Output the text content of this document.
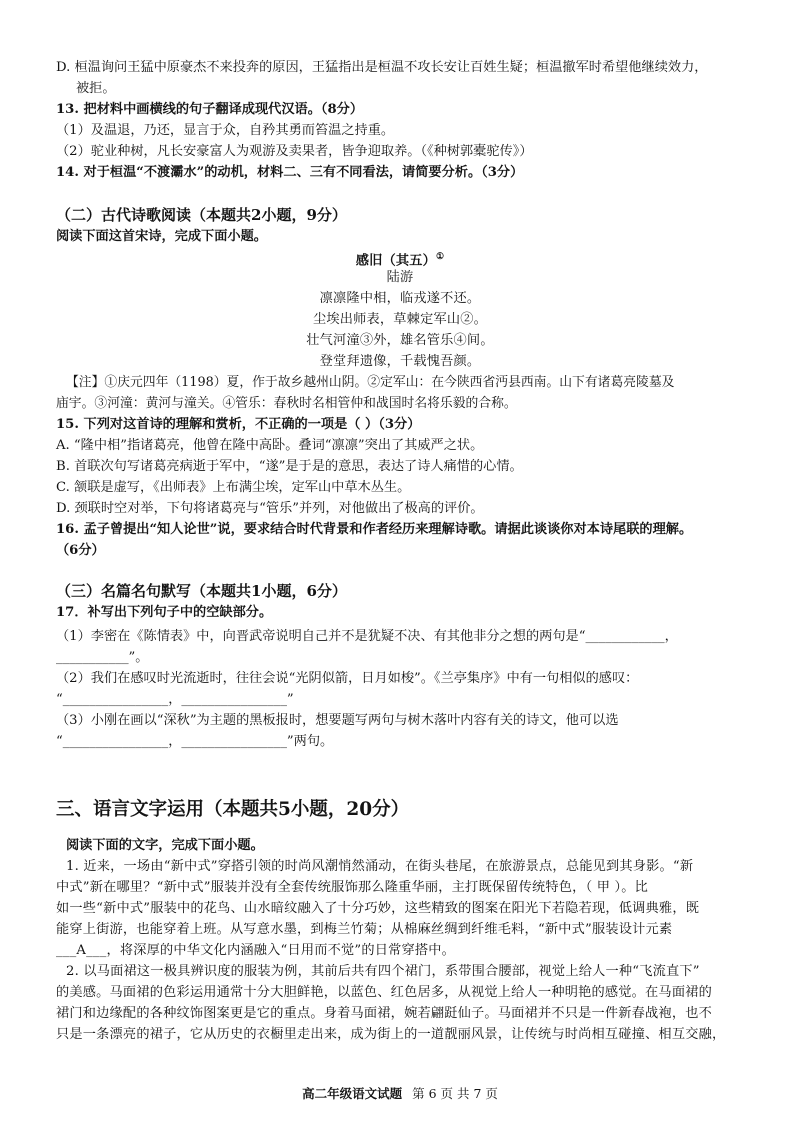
D. 桓温询问王猛中原豪杰不来投奔的原因，王猛指出是桓温不攻长安让百姓生疑；桓温撤军时希望他继续效力，
被拒。
13. 把材料中画横线的句子翻译成现代汉语。（8分）
（1）及温退，乃还，显言于众，自矜其勇而笞温之持重。
（2）驼业种树，凡长安豪富人为观游及卖果者，皆争迎取养。（《种树郭橐驼传》）
14. 对于桓温“不渡灞水”的动机，材料二、三有不同看法，请简要分析。（3分）
（二）古代诗歌阅读（本题共2小题，9分）
阅读下面这首宋诗，完成下面小题。
感旧（其五）①
陆游
凛凛隆中相，临戎遂不还。
尘埃出师表，草棘定军山②。
壮气河潼③外，雄名管乐④间。
登堂拜遗像，千载愧吾颜。
【注】①庆元四年（1198）夏，作于故乡越州山阴。②定军山：在今陕西省沔县西南。山下有诸葛亮陵墓及
庙宇。③河潼：黄河与潼关。④管乐：春秋时名相管仲和战国时名将乐毅的合称。
15. 下列对这首诗的理解和赏析，不正确的一项是（ ）（3分）
A. “隆中相”指诸葛亮，他曾在隆中高卧。叠词“凛凛”突出了其威严之状。
B. 首联次句写诸葛亮病逝于军中，“遂”是于是的意思，表达了诗人痛惜的心情。
C. 颔联是虚写，《出师表》上布满尘埃，定军山中草木丛生。
D. 颈联时空对举，下句将诸葛亮与“管乐”并列，对他做出了极高的评价。
16. 孟子曾提出“知人论世”说，要求结合时代背景和作者经历来理解诗歌。请据此谈谈你对本诗尾联的理解。
（6分）
（三）名篇名句默写（本题共1小题，6分）
17．补写出下列句子中的空缺部分。
（1）李密在《陈情表》中，向晋武帝说明自己并不是犹疑不决、有其他非分之想的两句是“____________，
___________”。
（2）我们在感叹时光流逝时，往往会说“光阴似箭，日月如梭”。《兰亭集序》中有一句相似的感叹：
“________________，________________”
（3）小刚在画以“深秋”为主题的黑板报时，想要题写两句与树木落叶内容有关的诗文，他可以选
“________________，________________”两句。
三、语言文字运用（本题共5小题，20分）
阅读下面的文字，完成下面小题。
1. 近来，一场由“新中式”穿搭引领的时尚风潮悄然涌动，在街头巷尾，在旅游景点，总能见到其身影。“新
中式”新在哪里？“新中式”服装并没有全套传统服饰那么隆重华丽，主打既保留传统特色，（ 甲 ）。比
如一些“新中式”服装中的花鸟、山水暗纹融入了十分巧妙，这些精致的图案在阳光下若隐若现，低调典雅，既
能穿上街游，也能穿着上班。从写意水墨，到梅兰竹菊；从棉麻丝绸到纤维毛料，“新中式”服装设计元素
___A___，将深厚的中华文化内涵融入“日用而不觉”的日常穿搭中。
2. 以马面裙这一极具辨识度的服装为例，其前后共有四个裙门，系带围合腰部，视觉上给人一种“飞流直下”
的美感。马面裙的色彩运用通常十分大胆鲜艳，以蓝色、红色居多，从视觉上给人一种明艳的感觉。在马面裙的
裙门和边缘配的各种纹饰图案更是它的重点。身着马面裙，婉若翩跹仙子。马面裙并不只是一件新春战袍，也不
只是一条漂亮的裙子，它从历史的衣橱里走出来，成为街上的一道靓丽风景，让传统与时尚相互碰撞、相互交融，
高二年级语文试题 第 6 页 共 7 页
